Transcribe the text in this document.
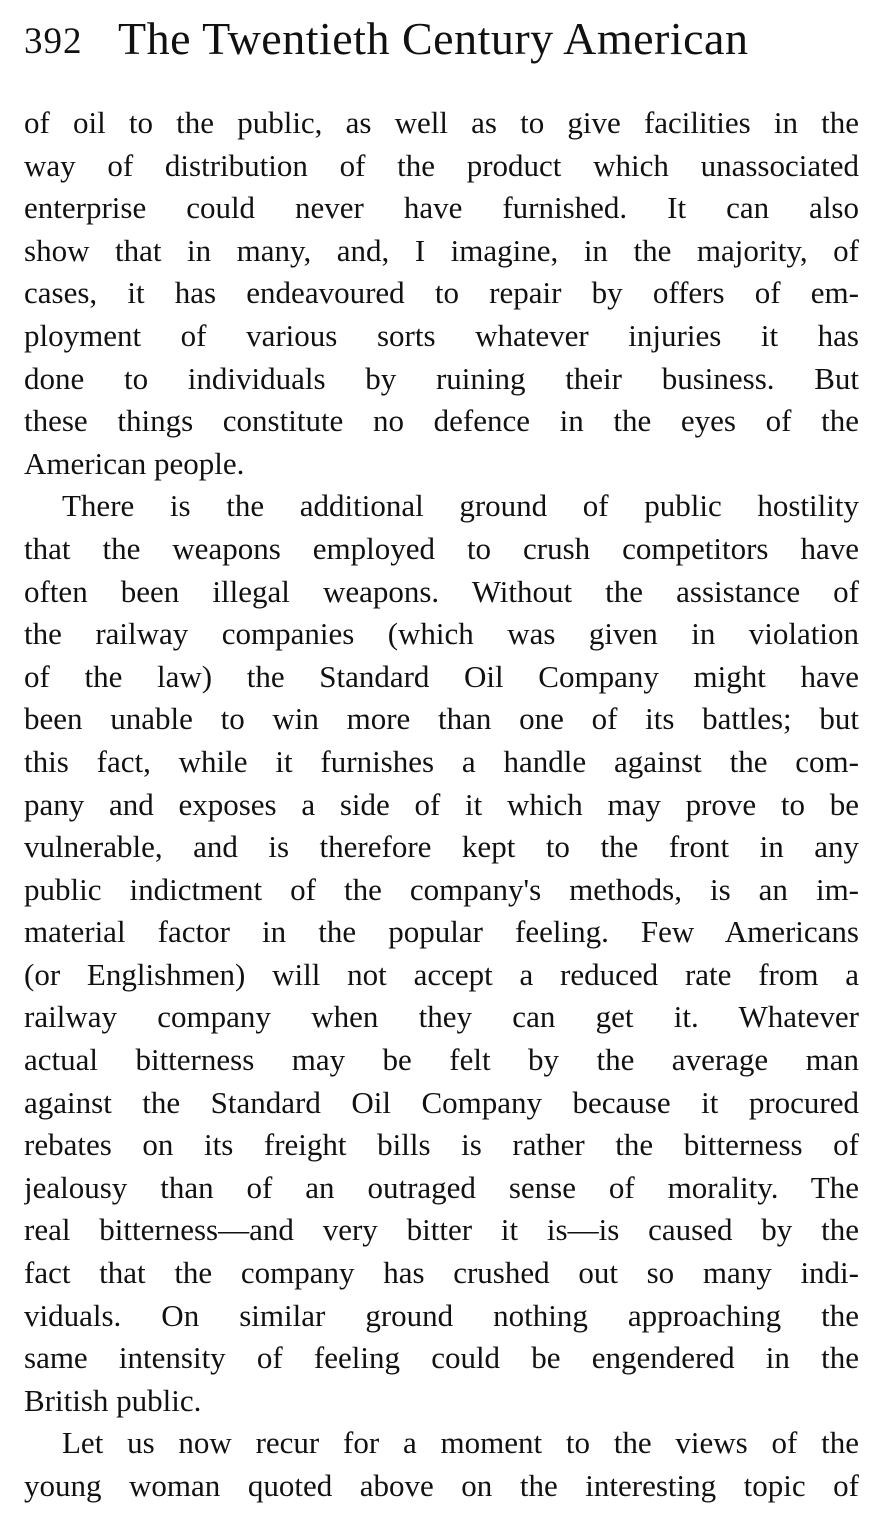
392 The Twentieth Century American
of oil to the public, as well as to give facilities in the
way of distribution of the product which unassociated
enterprise could never have furnished. It can also
show that in many, and, I imagine, in the majority, of
cases, it has endeavoured to repair by offers of em-
ployment of various sorts whatever injuries it has
done to individuals by ruining their business. But
these things constitute no defence in the eyes of the
American people.
There is the additional ground of public hostility
that the weapons employed to crush competitors have
often been illegal weapons. Without the assistance of
the railway companies (which was given in violation
of the law) the Standard Oil Company might have
been unable to win more than one of its battles; but
this fact, while it furnishes a handle against the com-
pany and exposes a side of it which may prove to be
vulnerable, and is therefore kept to the front in any
public indictment of the company's methods, is an im-
material factor in the popular feeling. Few Americans
(or Englishmen) will not accept a reduced rate from a
railway company when they can get it. Whatever
actual bitterness may be felt by the average man
against the Standard Oil Company because it procured
rebates on its freight bills is rather the bitterness of
jealousy than of an outraged sense of morality. The
real bitterness—and very bitter it is—is caused by the
fact that the company has crushed out so many indi-
viduals. On similar ground nothing approaching the
same intensity of feeling could be engendered in the
British public.
Let us now recur for a moment to the views of the
young woman quoted above on the interesting topic of
